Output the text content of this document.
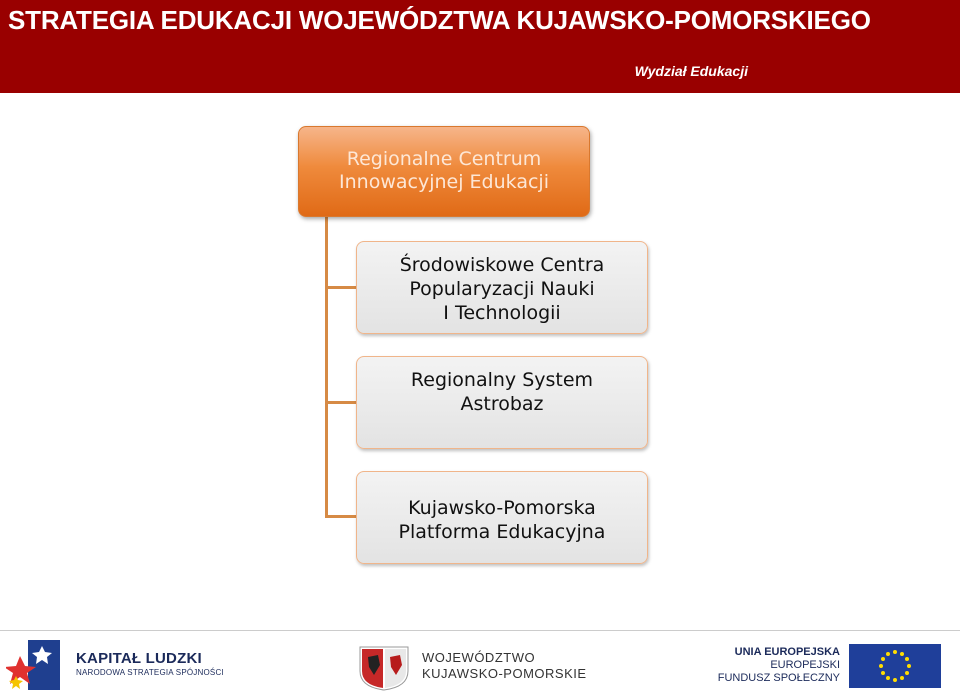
STRATEGIA EDUKACJI WOJEWÓDZTWA KUJAWSKO-POMORSKIEGO
Wydział Edukacji
Regionalne Centrum
Innowacyjnej Edukacji
Środowiskowe Centra
Popularyzacji Nauki
I Technologii
Regionalny System
Astrobaz
Kujawsko-Pomorska
Platforma Edukacyjna
KAPITAŁ LUDZKI
NARODOWA STRATEGIA SPÓJNOŚCI
WOJEWÓDZTWO
KUJAWSKO-POMORSKIE
UNIA EUROPEJSKA
EUROPEJSKI
FUNDUSZ SPOŁECZNY
